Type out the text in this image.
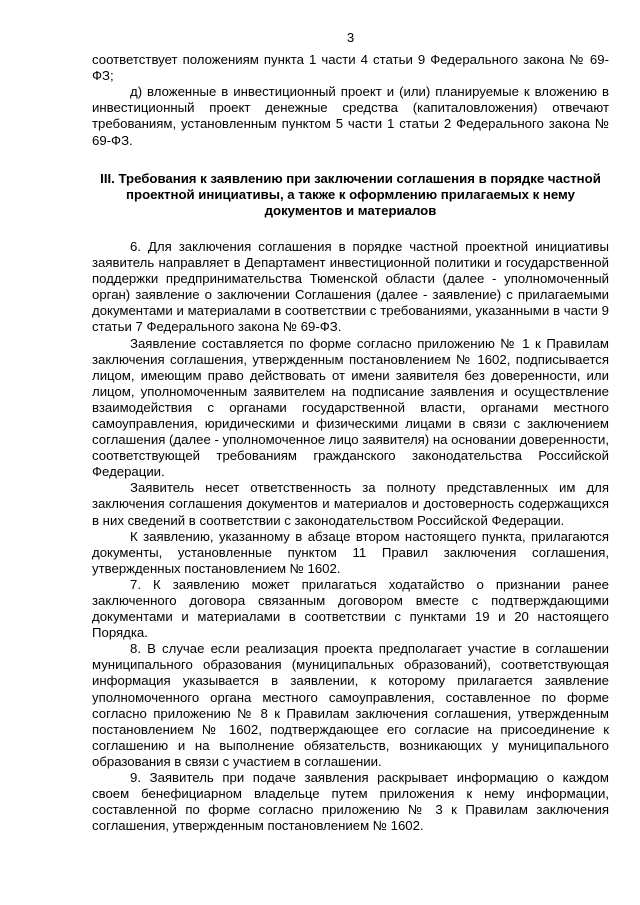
3

соответствует положениям пункта 1 части 4 статьи 9 Федерального закона № 69-ФЗ;

д) вложенные в инвестиционный проект и (или) планируемые к вложению в инвестиционный проект денежные средства (капиталовложения) отвечают требованиям, установленным пунктом 5 части 1 статьи 2 Федерального закона № 69-ФЗ.

III. Требования к заявлению при заключении соглашения в порядке частной проектной инициативы, а также к оформлению прилагаемых к нему документов и материалов

6. Для заключения соглашения в порядке частной проектной инициативы заявитель направляет в Департамент инвестиционной политики и государственной поддержки предпринимательства Тюменской области (далее - уполномоченный орган) заявление о заключении Соглашения (далее - заявление) с прилагаемыми документами и материалами в соответствии с требованиями, указанными в части 9 статьи 7 Федерального закона № 69-ФЗ.

Заявление составляется по форме согласно приложению № 1 к Правилам заключения соглашения, утвержденным постановлением № 1602, подписывается лицом, имеющим право действовать от имени заявителя без доверенности, или лицом, уполномоченным заявителем на подписание заявления и осуществление взаимодействия с органами государственной власти, органами местного самоуправления, юридическими и физическими лицами в связи с заключением соглашения (далее - уполномоченное лицо заявителя) на основании доверенности, соответствующей требованиям гражданского законодательства Российской Федерации.

Заявитель несет ответственность за полноту представленных им для заключения соглашения документов и материалов и достоверность содержащихся в них сведений в соответствии с законодательством Российской Федерации.

К заявлению, указанному в абзаце втором настоящего пункта, прилагаются документы, установленные пунктом 11 Правил заключения соглашения, утвержденных постановлением № 1602.

7. К заявлению может прилагаться ходатайство о признании ранее заключенного договора связанным договором вместе с подтверждающими документами и материалами в соответствии с пунктами 19 и 20 настоящего Порядка.

8. В случае если реализация проекта предполагает участие в соглашении муниципального образования (муниципальных образований), соответствующая информация указывается в заявлении, к которому прилагается заявление уполномоченного органа местного самоуправления, составленное по форме согласно приложению № 8 к Правилам заключения соглашения, утвержденным постановлением № 1602, подтверждающее его согласие на присоединение к соглашению и на выполнение обязательств, возникающих у муниципального образования в связи с участием в соглашении.

9. Заявитель при подаче заявления раскрывает информацию о каждом своем бенефициарном владельце путем приложения к нему информации, составленной по форме согласно приложению № 3 к Правилам заключения соглашения, утвержденным постановлением № 1602.
